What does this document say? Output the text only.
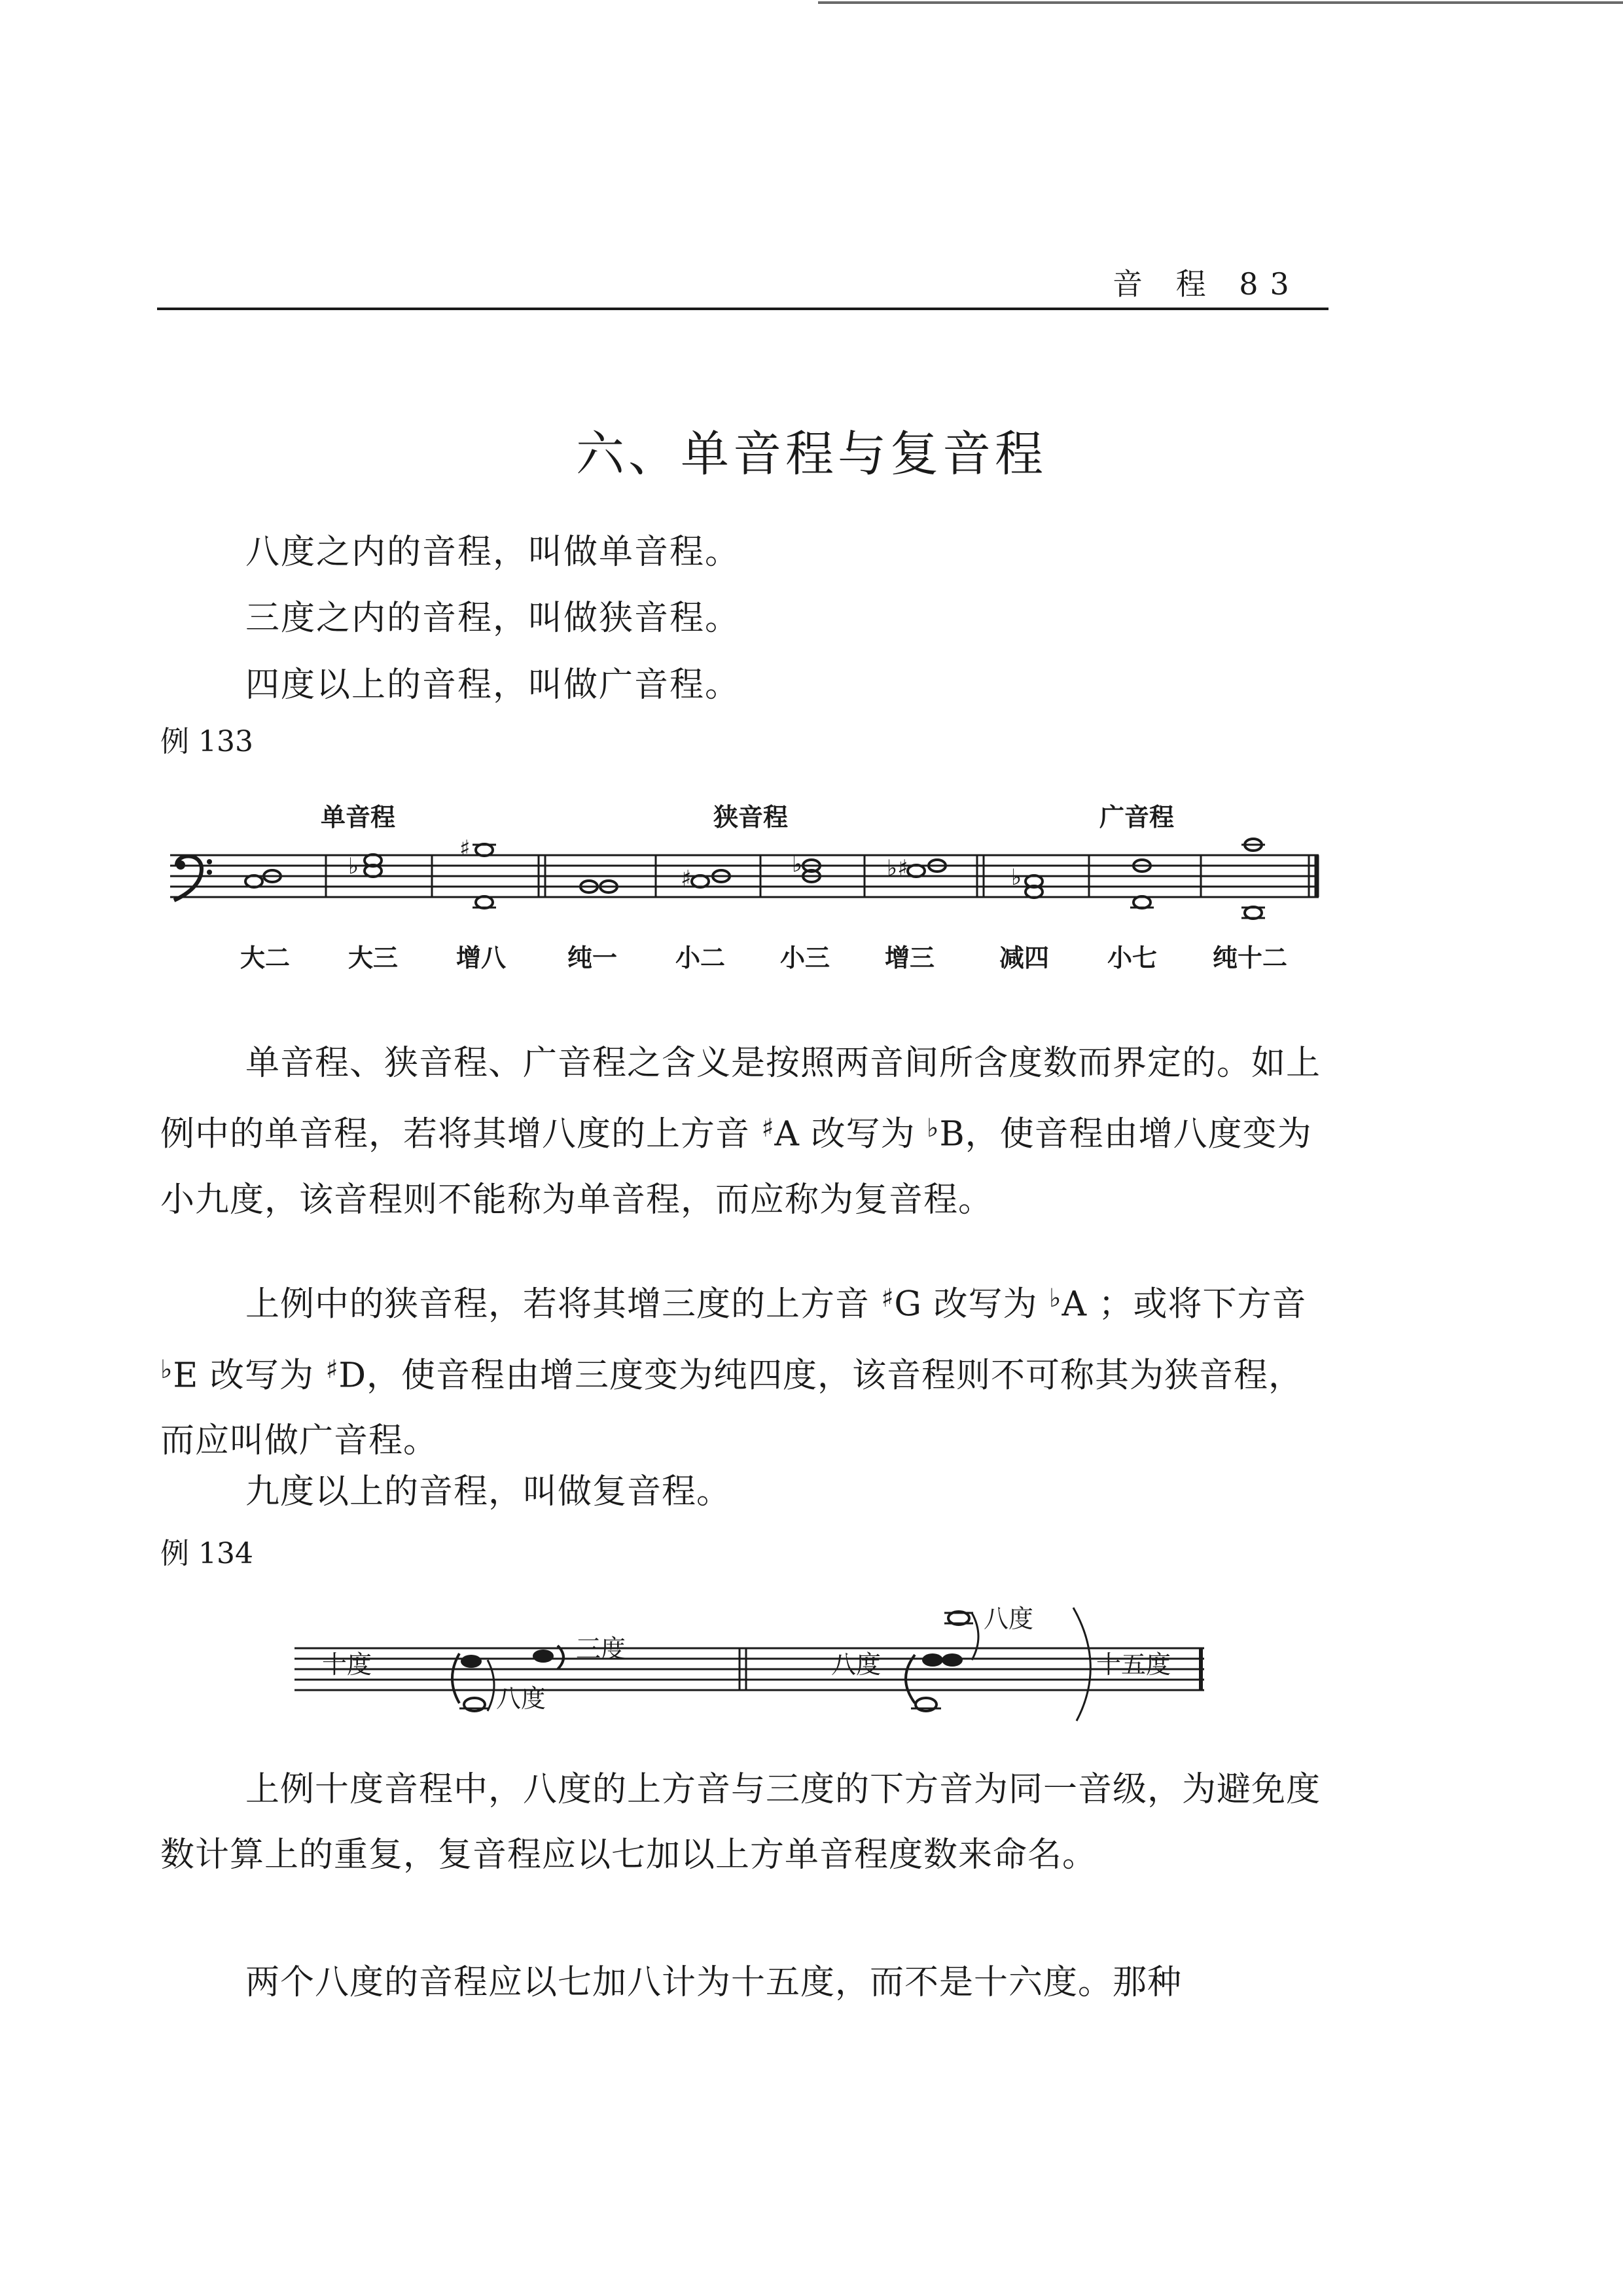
音 程 83
六、单音程与复音程
八度之内的音程，叫做单音程。
三度之内的音程，叫做狭音程。
四度以上的音程，叫做广音程。
例 133
单音程	狭音程	广音程
♭
♯
♯
♭	♭♯	♭
大二	大三	增八	纯一	小二	小三	增三	减四	小七	纯十二
单音程、狭音程、广音程之含义是按照两音间所含度数而界定的。如上例中的单音程，若将其增八度的上方音 ♯A 改写为 ♭B，使音程由增八度变为小九度，该音程则不能称为单音程，而应称为复音程。
上例中的狭音程，若将其增三度的上方音 ♯G 改写为 ♭A ；或将下方音 ♭E 改写为 ♯D，使音程由增三度变为纯四度，该音程则不可称其为狭音程，而应叫做广音程。
九度以上的音程，叫做复音程。
例 134
十度
三度
八度
八度
八度
十五度
上例十度音程中，八度的上方音与三度的下方音为同一音级，为避免度数计算上的重复，复音程应以七加以上方单音程度数来命名。
两个八度的音程应以七加八计为十五度，而不是十六度。那种
